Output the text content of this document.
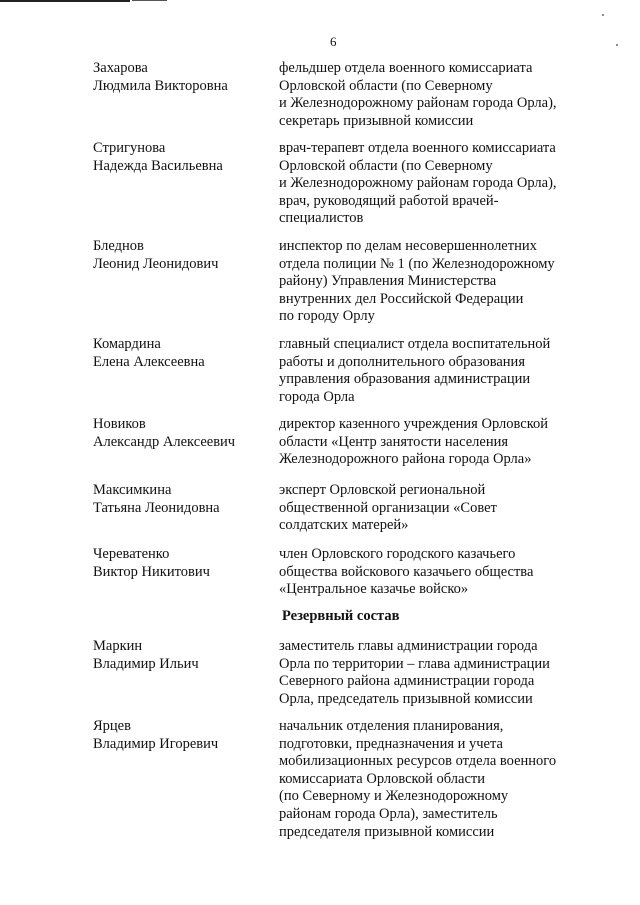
6
Захарова
Людмила Викторовна
фельдшер отдела военного комиссариата
Орловской области (по Северному
и Железнодорожному районам города Орла),
секретарь призывной комиссии
Стригунова
Надежда Васильевна
врач-терапевт отдела военного комиссариата
Орловской области (по Северному
и Железнодорожному районам города Орла),
врач, руководящий работой врачей-
специалистов
Бледнов
Леонид Леонидович
инспектор по делам несовершеннолетних
отдела полиции № 1 (по Железнодорожному
району) Управления Министерства
внутренних дел Российской Федерации
по городу Орлу
Комардина
Елена Алексеевна
главный специалист отдела воспитательной
работы и дополнительного образования
управления образования администрации
города Орла
Новиков
Александр Алексеевич
директор казенного учреждения Орловской
области «Центр занятости населения
Железнодорожного района города Орла»
Максимкина
Татьяна Леонидовна
эксперт Орловской региональной
общественной организации «Совет
солдатских матерей»
Череватенко
Виктор Никитович
член Орловского городского казачьего
общества войскового казачьего общества
«Центральное казачье войско»
Резервный состав
Маркин
Владимир Ильич
заместитель главы администрации города
Орла по территории – глава администрации
Северного района администрации города
Орла, председатель призывной комиссии
Ярцев
Владимир Игоревич
начальник отделения планирования,
подготовки, предназначения и учета
мобилизационных ресурсов отдела военного
комиссариата Орловской области
(по Северному и Железнодорожному
районам города Орла), заместитель
председателя призывной комиссии
